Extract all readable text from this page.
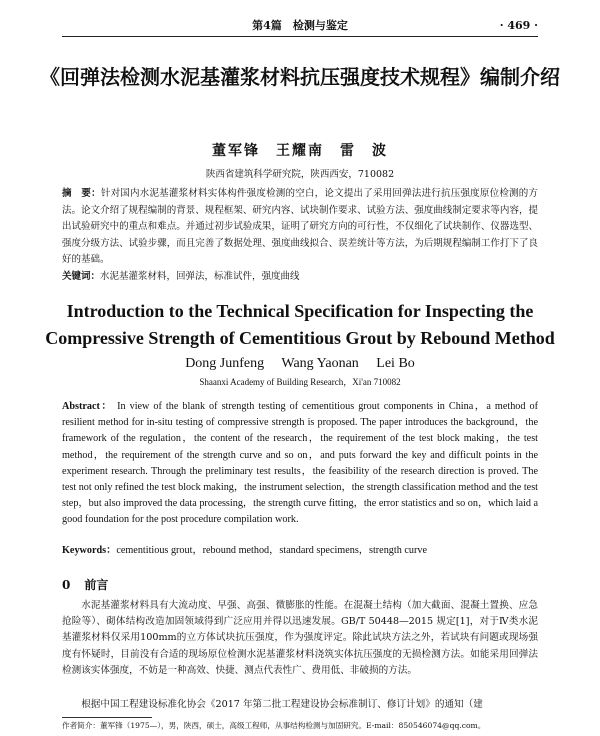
第4篇　检测与鉴定	· 469 ·
《回弹法检测水泥基灌浆材料抗压强度技术规程》编制介绍
董军锋　王耀南　雷　波
陕西省建筑科学研究院，陕西西安，710082
摘　要：针对国内水泥基灌浆材料实体构件强度检测的空白，论文提出了采用回弹法进行抗压强度原位检测的方法。论文介绍了规程编制的背景、规程框架、研究内容、试块制作要求、试验方法、强度曲线制定要求等内容，提出试验研究中的重点和难点。并通过初步试验成果，证明了研究方向的可行性，不仅细化了试块制作、仪器选型、强度分级方法、试验步骤，而且完善了数据处理、强度曲线拟合、误差统计等方法，为后期规程编制工作打下了良好的基础。
关键词：水泥基灌浆材料，回弹法，标准试件，强度曲线
Introduction to the Technical Specification for Inspecting the Compressive Strength of Cementitious Grout by Rebound Method
Dong Junfeng　 Wang Yaonan　 Lei Bo
Shaanxi Academy of Building Research，Xi'an 710082
Abstract： In view of the blank of strength testing of cementitious grout components in China，a method of resilient method for in-situ testing of compressive strength is proposed. The paper introduces the background，the framework of the regulation，the content of the research，the requirement of the test block making，the test method，the requirement of the strength curve and so on，and puts forward the key and difficult points in the experiment research. Through the preliminary test results，the feasibility of the research direction is proved. The test not only refined the test block making，the instrument selection，the strength classification method and the test step，but also improved the data processing，the strength curve fitting，the error statistics and so on，which laid a good foundation for the post procedure compilation work.
Keywords：cementitious grout，rebound method，standard specimens，strength curve
0 前言
水泥基灌浆材料具有大流动度、早强、高强、微膨胀的性能。在混凝土结构（加大截面、混凝土置换、应急抢险等）、砌体结构改造加固领域得到广泛应用并得以迅速发展。GB/T 50448—2015 规定[1]，对于Ⅳ类水泥基灌浆材料仅采用100mm的立方体试块抗压强度，作为强度评定。除此试块方法之外，若试块有问题或现场强度有怀疑时，目前没有合适的现场原位检测水泥基灌浆材料浇筑实体抗压强度的无损检测方法。如能采用回弹法检测该实体强度，不妨是一种高效、快捷、测点代表性广、费用低、非破损的方法。
根据中国工程建设标准化协会《2017 年第二批工程建设协会标准制订、修订计划》的通知（建
作者简介：董军锋（1975—），男，陕西，硕士，高级工程师，从事结构检测与加固研究。E-mail：850546074@qq.com。
